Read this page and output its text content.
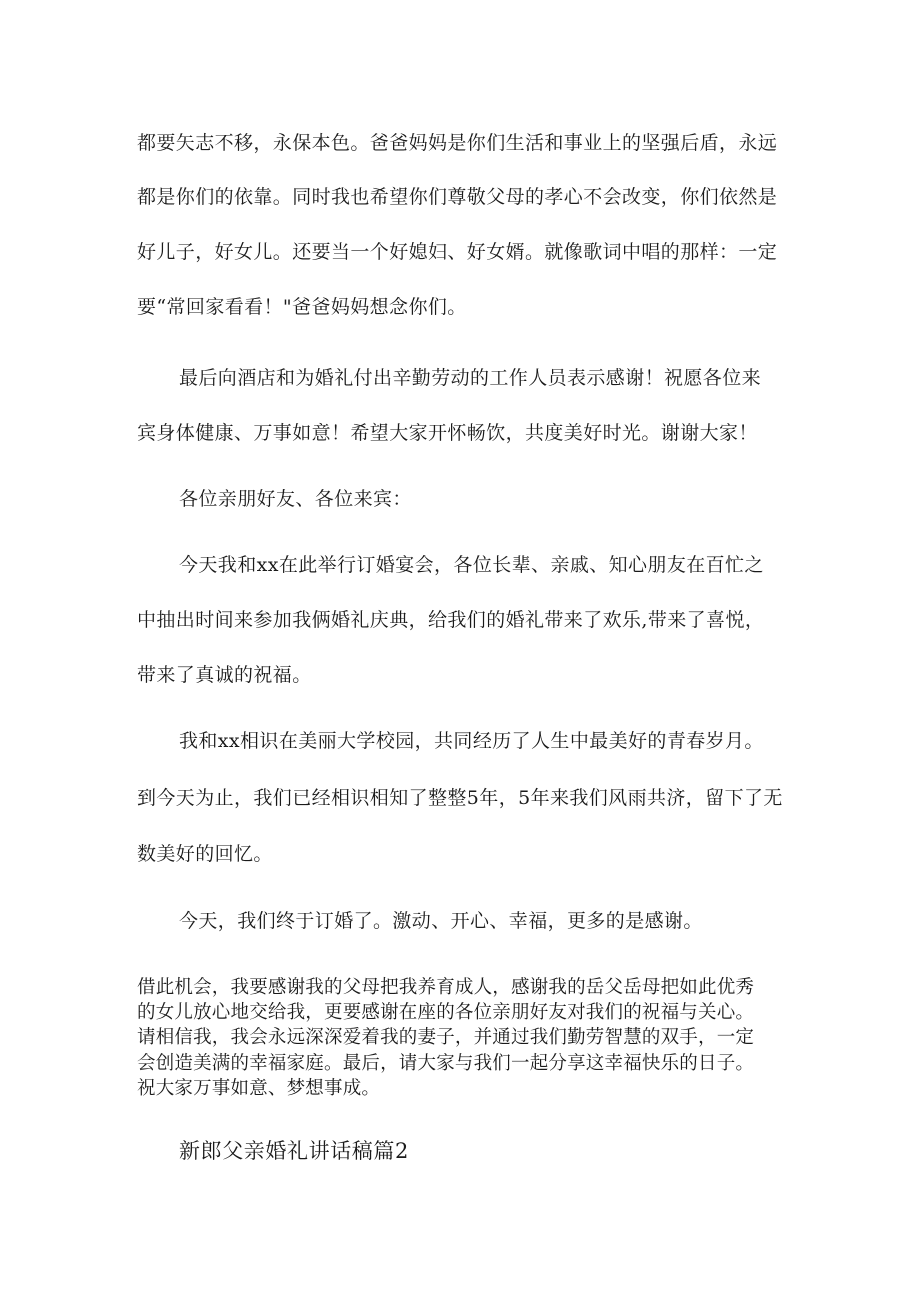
都要矢志不移，永保本色。爸爸妈妈是你们生活和事业上的坚强后盾，永远

都是你们的依靠。同时我也希望你们尊敬父母的孝心不会改变，你们依然是

好儿子，好女儿。还要当一个好媳妇、好女婿。就像歌词中唱的那样：一定

要“常回家看看！"爸爸妈妈想念你们。

最后向酒店和为婚礼付出辛勤劳动的工作人员表示感谢！祝愿各位来

宾身体健康、万事如意！希望大家开怀畅饮，共度美好时光。谢谢大家！

各位亲朋好友、各位来宾：

今天我和xx在此举行订婚宴会，各位长辈、亲戚、知心朋友在百忙之

中抽出时间来参加我俩婚礼庆典，给我们的婚礼带来了欢乐,带来了喜悦，

带来了真诚的祝福。

我和xx相识在美丽大学校园，共同经历了人生中最美好的青春岁月。

到今天为止，我们已经相识相知了整整5年，5年来我们风雨共济，留下了无

数美好的回忆。

今天，我们终于订婚了。激动、开心、幸福，更多的是感谢。

借此机会，我要感谢我的父母把我养育成人，感谢我的岳父岳母把如此优秀

的女儿放心地交给我，更要感谢在座的各位亲朋好友对我们的祝福与关心。

请相信我，我会永远深深爱着我的妻子，并通过我们勤劳智慧的双手，一定

会创造美满的幸福家庭。最后，请大家与我们一起分享这幸福快乐的日子。

祝大家万事如意、梦想事成。

新郎父亲婚礼讲话稿篇2
